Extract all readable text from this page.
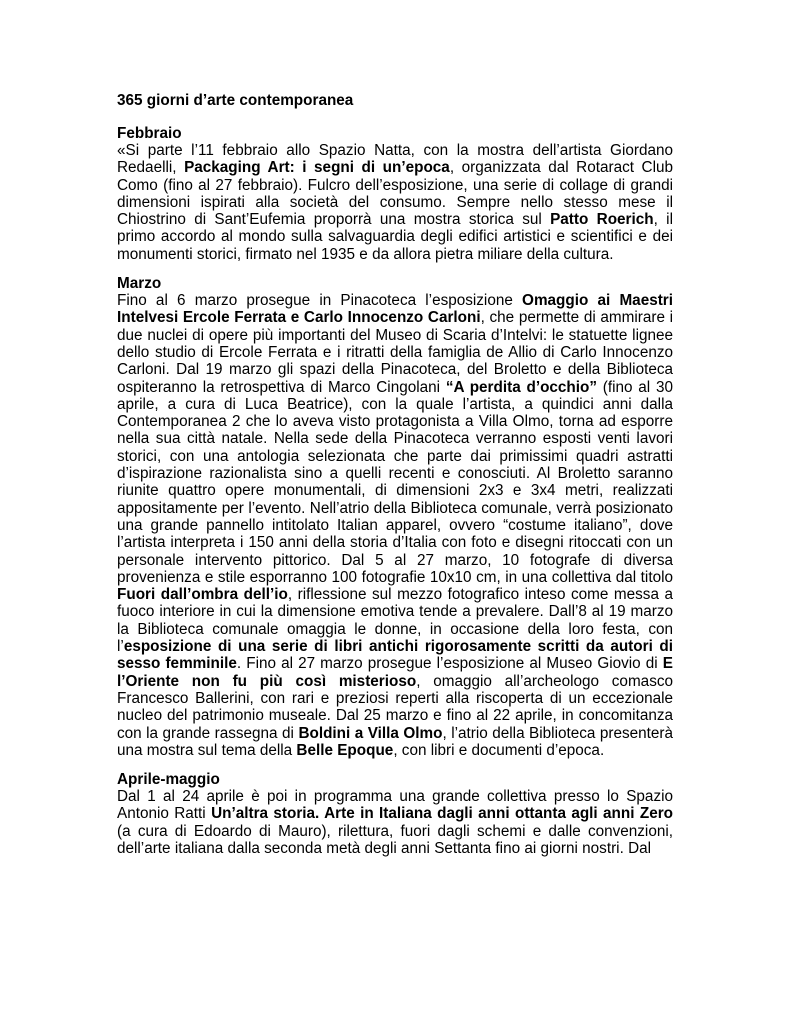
365 giorni d’arte contemporanea
Febbraio
«Si parte l’11 febbraio allo Spazio Natta, con la mostra dell’artista Giordano Redaelli, Packaging Art: i segni di un’epoca, organizzata dal Rotaract Club Como (fino al 27 febbraio). Fulcro dell’esposizione, una serie di collage di grandi dimensioni ispirati alla società del consumo. Sempre nello stesso mese il Chiostrino di Sant’Eufemia proporrà una mostra storica sul Patto Roerich, il primo accordo al mondo sulla salvaguardia degli edifici artistici e scientifici e dei monumenti storici, firmato nel 1935 e da allora pietra miliare della cultura.
Marzo
Fino al 6 marzo prosegue in Pinacoteca l’esposizione Omaggio ai Maestri Intelvesi Ercole Ferrata e Carlo Innocenzo Carloni, che permette di ammirare i due nuclei di opere più importanti del Museo di Scaria d’Intelvi: le statuette lignee dello studio di Ercole Ferrata e i ritratti della famiglia de Allio di Carlo Innocenzo Carloni. Dal 19 marzo gli spazi della Pinacoteca, del Broletto e della Biblioteca ospiteranno la retrospettiva di Marco Cingolani “A perdita d’occhio” (fino al 30 aprile, a cura di Luca Beatrice), con la quale l’artista, a quindici anni dalla Contemporanea 2 che lo aveva visto protagonista a Villa Olmo, torna ad esporre nella sua città natale. Nella sede della Pinacoteca verranno esposti venti lavori storici, con una antologia selezionata che parte dai primissimi quadri astratti d’ispirazione razionalista sino a quelli recenti e conosciuti. Al Broletto saranno riunite quattro opere monumentali, di dimensioni 2x3 e 3x4 metri, realizzati appositamente per l’evento. Nell’atrio della Biblioteca comunale, verrà posizionato una grande pannello intitolato Italian apparel, ovvero “costume italiano”, dove l’artista interpreta i 150 anni della storia d’Italia con foto e disegni ritoccati con un personale intervento pittorico. Dal 5 al 27 marzo, 10 fotografe di diversa provenienza e stile esporranno 100 fotografie 10x10 cm, in una collettiva dal titolo Fuori dall’ombra dell’io, riflessione sul mezzo fotografico inteso come messa a fuoco interiore in cui la dimensione emotiva tende a prevalere. Dall’8 al 19 marzo la Biblioteca comunale omaggia le donne, in occasione della loro festa, con l’esposizione di una serie di libri antichi rigorosamente scritti da autori di sesso femminile. Fino al 27 marzo prosegue l’esposizione al Museo Giovio di E l’Oriente non fu più così misterioso, omaggio all’archeologo comasco Francesco Ballerini, con rari e preziosi reperti alla riscoperta di un eccezionale nucleo del patrimonio museale. Dal 25 marzo e fino al 22 aprile, in concomitanza con la grande rassegna di Boldini a Villa Olmo, l’atrio della Biblioteca presenterà una mostra sul tema della Belle Epoque, con libri e documenti d’epoca.
Aprile-maggio
Dal 1 al 24 aprile è poi in programma una grande collettiva presso lo Spazio Antonio Ratti Un’altra storia. Arte in Italiana dagli anni ottanta agli anni Zero (a cura di Edoardo di Mauro), rilettura, fuori dagli schemi e dalle convenzioni, dell’arte italiana dalla seconda metà degli anni Settanta fino ai giorni nostri. Dal
